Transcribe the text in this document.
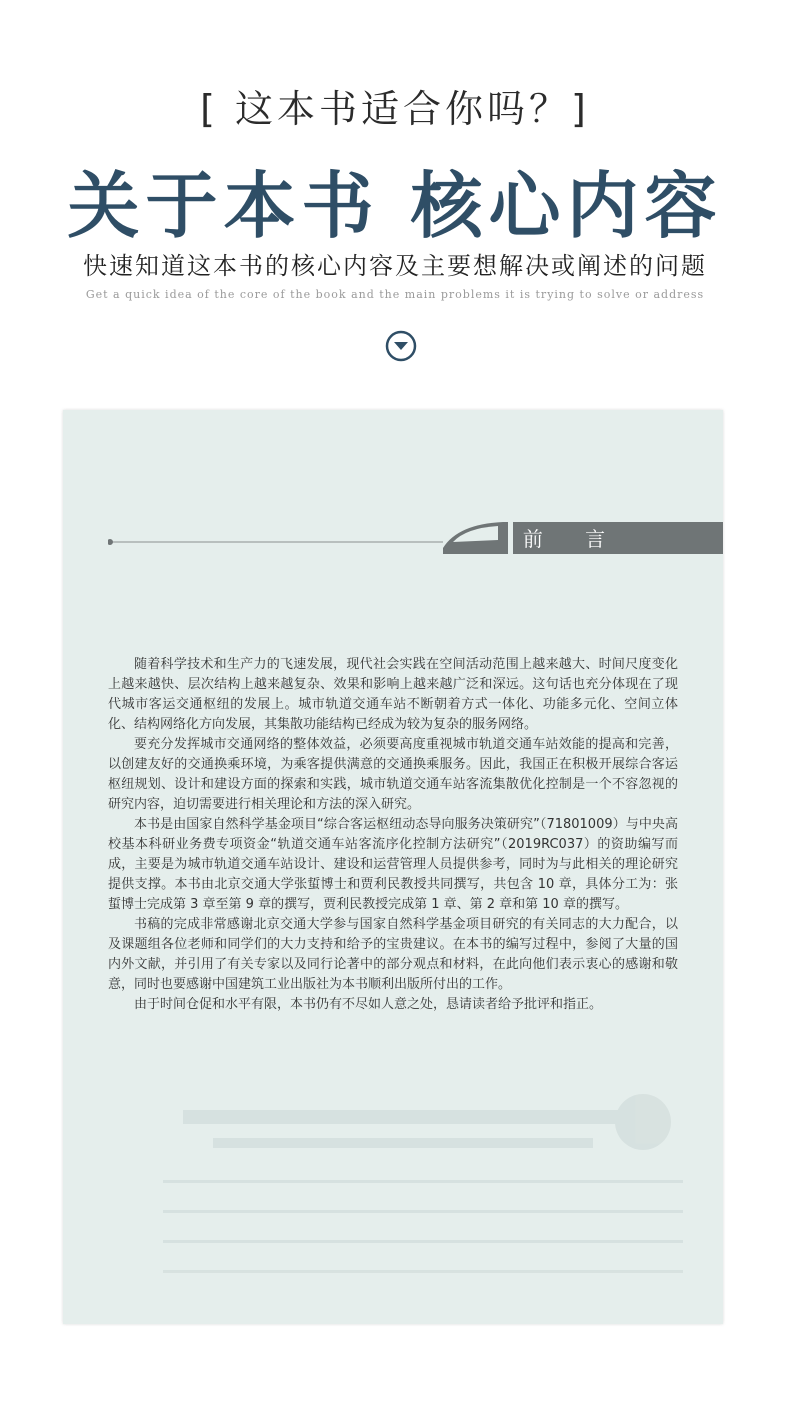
[ 这本书适合你吗？]
关于本书 核心内容
快速知道这本书的核心内容及主要想解决或阐述的问题
Get a quick idea of the core of the book and the main problems it is trying to solve or address
前 言

随着科学技术和生产力的飞速发展，现代社会实践在空间活动范围上越来越大、时间尺度变化上越来越快、层次结构上越来越复杂、效果和影响上越来越广泛和深远。这句话也充分体现在了现代城市客运交通枢纽的发展上。城市轨道交通车站不断朝着方式一体化、功能多元化、空间立体化、结构网络化方向发展，其集散功能结构已经成为较为复杂的服务网络。

要充分发挥城市交通网络的整体效益，必须要高度重视城市轨道交通车站效能的提高和完善，以创建友好的交通换乘环境，为乘客提供满意的交通换乘服务。因此，我国正在积极开展综合客运枢纽规划、设计和建设方面的探索和实践，城市轨道交通车站客流集散优化控制是一个不容忽视的研究内容，迫切需要进行相关理论和方法的深入研究。

本书是由国家自然科学基金项目“综合客运枢纽动态导向服务决策研究”（71801009）与中央高校基本科研业务费专项资金“轨道交通车站客流序化控制方法研究”（2019RC037）的资助编写而成，主要是为城市轨道交通车站设计、建设和运营管理人员提供参考，同时为与此相关的理论研究提供支撑。本书由北京交通大学张蜇博士和贾利民教授共同撰写，共包含 10 章，具体分工为：张蜇博士完成第 3 章至第 9 章的撰写，贾利民教授完成第 1 章、第 2 章和第 10 章的撰写。

书稿的完成非常感谢北京交通大学参与国家自然科学基金项目研究的有关同志的大力配合，以及课题组各位老师和同学们的大力支持和给予的宝贵建议。在本书的编写过程中，参阅了大量的国内外文献，并引用了有关专家以及同行论著中的部分观点和材料，在此向他们表示衷心的感谢和敬意，同时也要感谢中国建筑工业出版社为本书顺利出版所付出的工作。

由于时间仓促和水平有限，本书仍有不尽如人意之处，恳请读者给予批评和指正。
